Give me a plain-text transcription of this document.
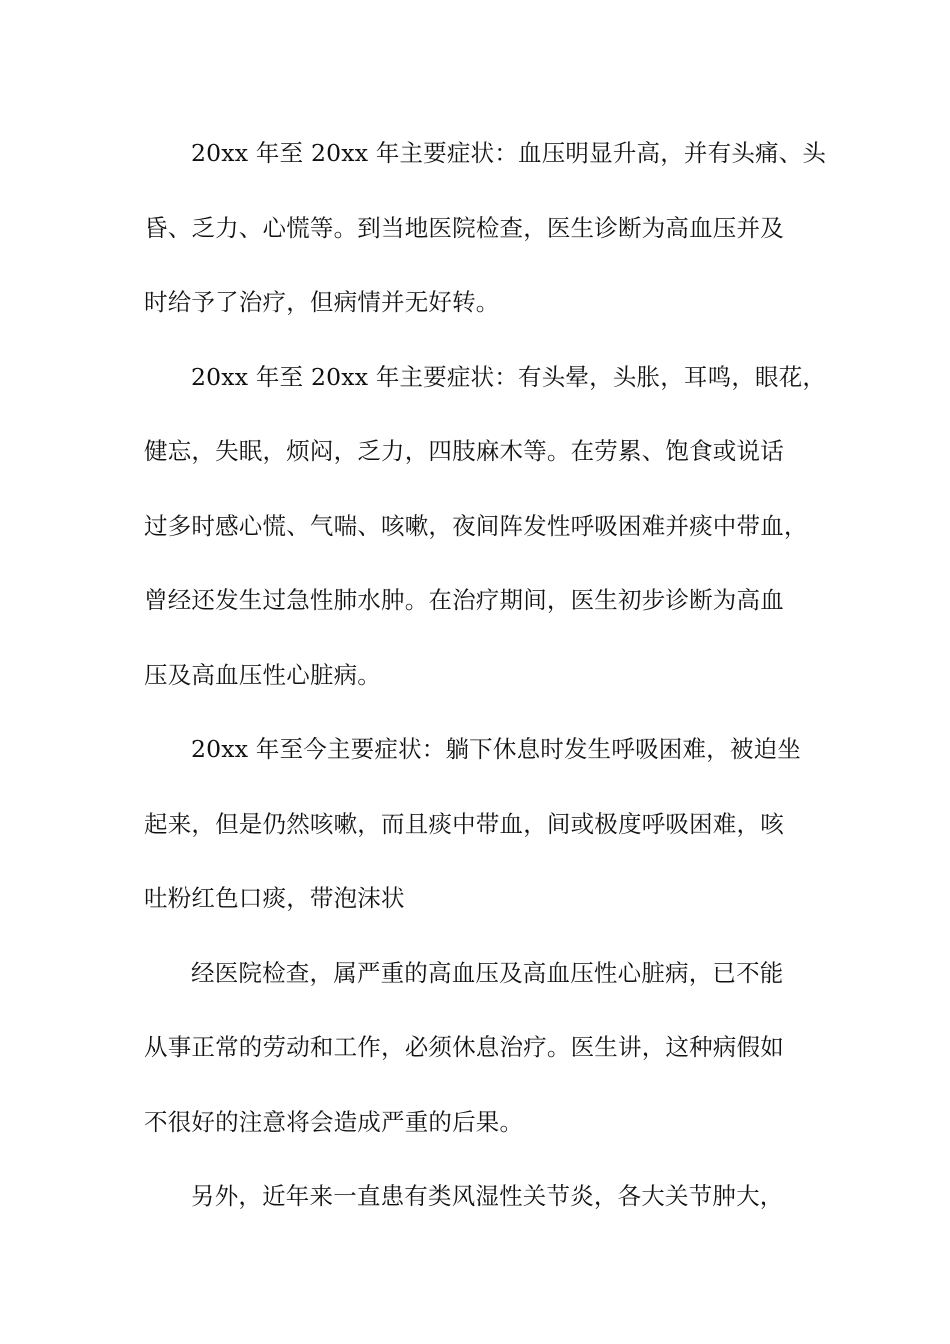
20xx 年至 20xx 年主要症状：血压明显升高，并有头痛、头
昏、乏力、心慌等。到当地医院检查，医生诊断为高血压并及
时给予了治疗，但病情并无好转。
20xx 年至 20xx 年主要症状：有头晕，头胀，耳鸣，眼花，
健忘，失眠，烦闷，乏力，四肢麻木等。在劳累、饱食或说话
过多时感心慌、气喘、咳嗽，夜间阵发性呼吸困难并痰中带血，
曾经还发生过急性肺水肿。在治疗期间，医生初步诊断为高血
压及高血压性心脏病。
20xx 年至今主要症状：躺下休息时发生呼吸困难，被迫坐
起来，但是仍然咳嗽，而且痰中带血，间或极度呼吸困难，咳
吐粉红色口痰，带泡沫状
经医院检查，属严重的高血压及高血压性心脏病，已不能
从事正常的劳动和工作，必须休息治疗。医生讲，这种病假如
不很好的注意将会造成严重的后果。
另外，近年来一直患有类风湿性关节炎，各大关节肿大，
